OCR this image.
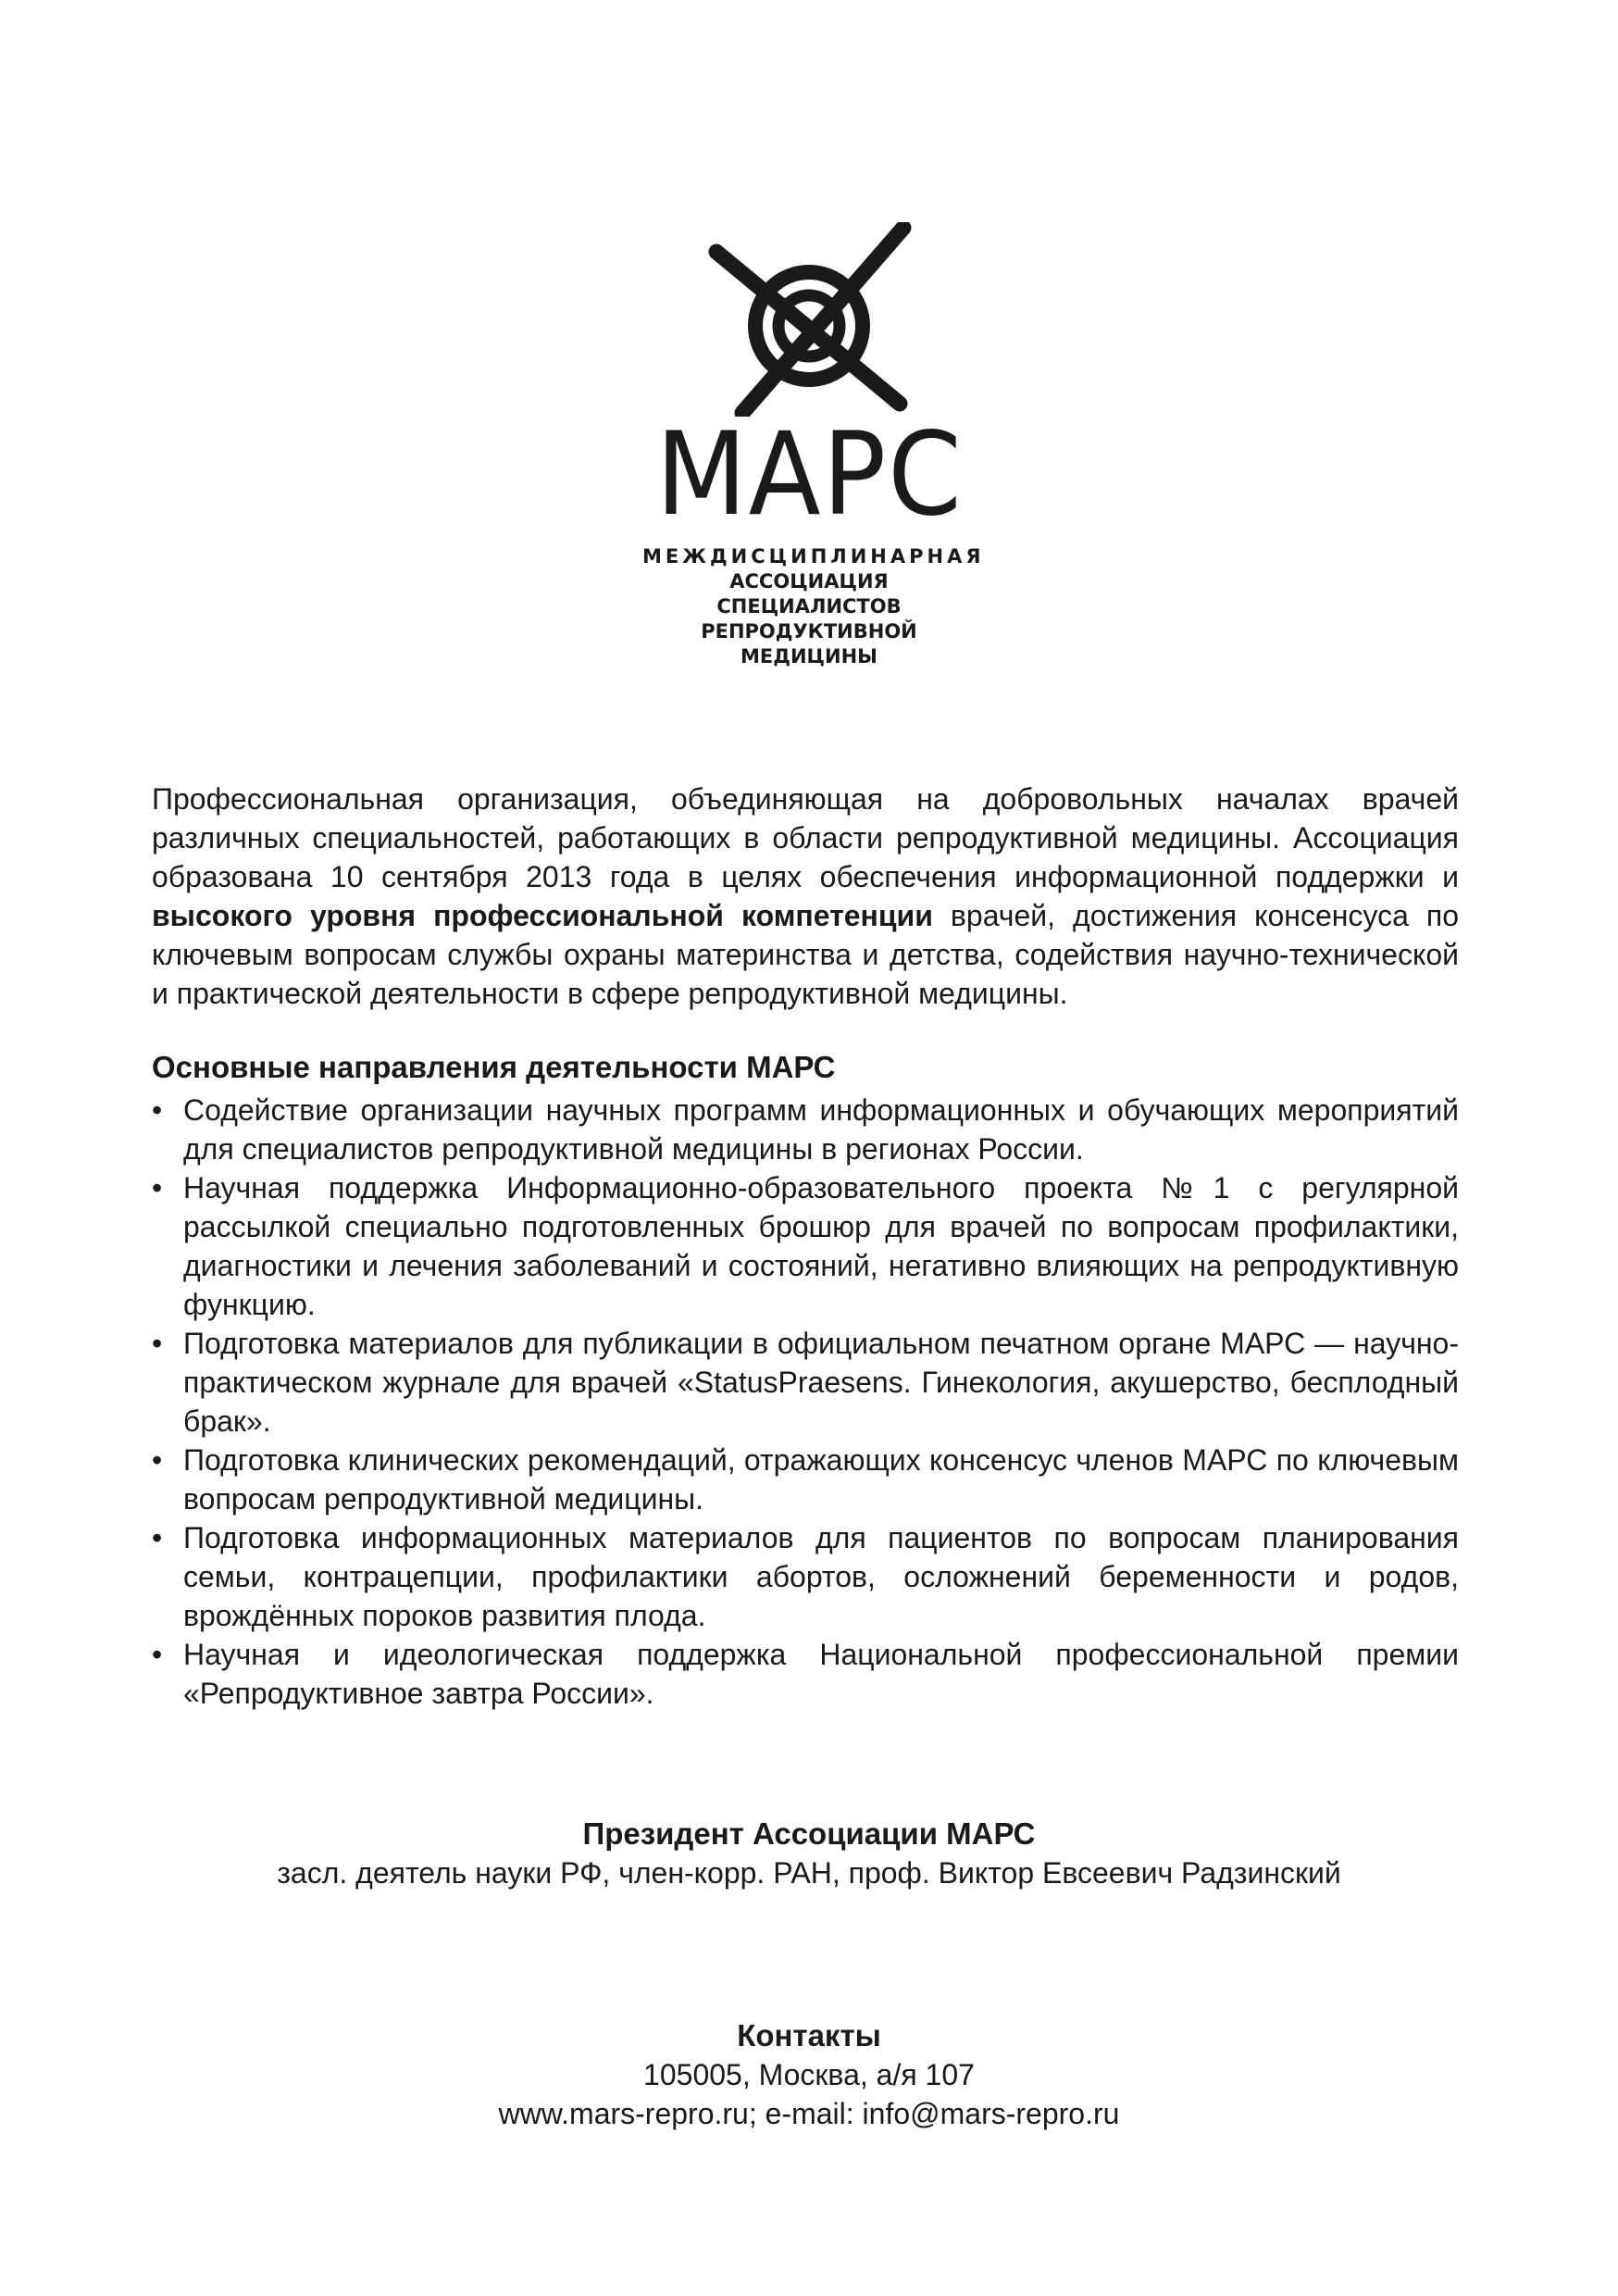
МАРС
МЕЖДИСЦИПЛИНАРНАЯ
АССОЦИАЦИЯ СПЕЦИАЛИСТОВ
РЕПРОДУКТИВНОЙ МЕДИЦИНЫ

Профессиональная организация, объединяющая на добровольных началах врачей различных специальностей, работающих в области репродуктивной медицины. Ассоциация образована 10 сентября 2013 года в целях обеспечения информационной поддержки и высокого уровня профессиональной компетенции врачей, достижения консенсуса по ключевым вопросам службы охраны материнства и детства, содействия научно-технической и практической деятельности в сфере репродуктивной медицины.

Основные направления деятельности МАРС
• Содействие организации научных программ информационных и обучающих мероприятий для специалистов репродуктивной медицины в регионах России.
• Научная поддержка Информационно-образовательного проекта №1 с регулярной рассылкой специально подготовленных брошюр для врачей по вопросам профилактики, диагностики и лечения заболеваний и состояний, негативно влияющих на репродуктивную функцию.
• Подготовка материалов для публикации в официальном печатном органе МАРС — научно-практическом журнале для врачей «StatusPraesens. Гинекология, акушерство, бесплодный брак».
• Подготовка клинических рекомендаций, отражающих консенсус членов МАРС по ключевым вопросам репродуктивной медицины.
• Подготовка информационных материалов для пациентов по вопросам планирования семьи, контрацепции, профилактики абортов, осложнений беременности и родов, врождённых пороков развития плода.
• Научная и идеологическая поддержка Национальной профессиональной премии «Репродуктивное завтра России».
Президент Ассоциации МАРС
засл. деятель науки РФ, член-корр. РАН, проф. Виктор Евсеевич Радзинский
Контакты
105005, Москва, а/я 107
www.mars-repro.ru; e-mail: info@mars-repro.ru
